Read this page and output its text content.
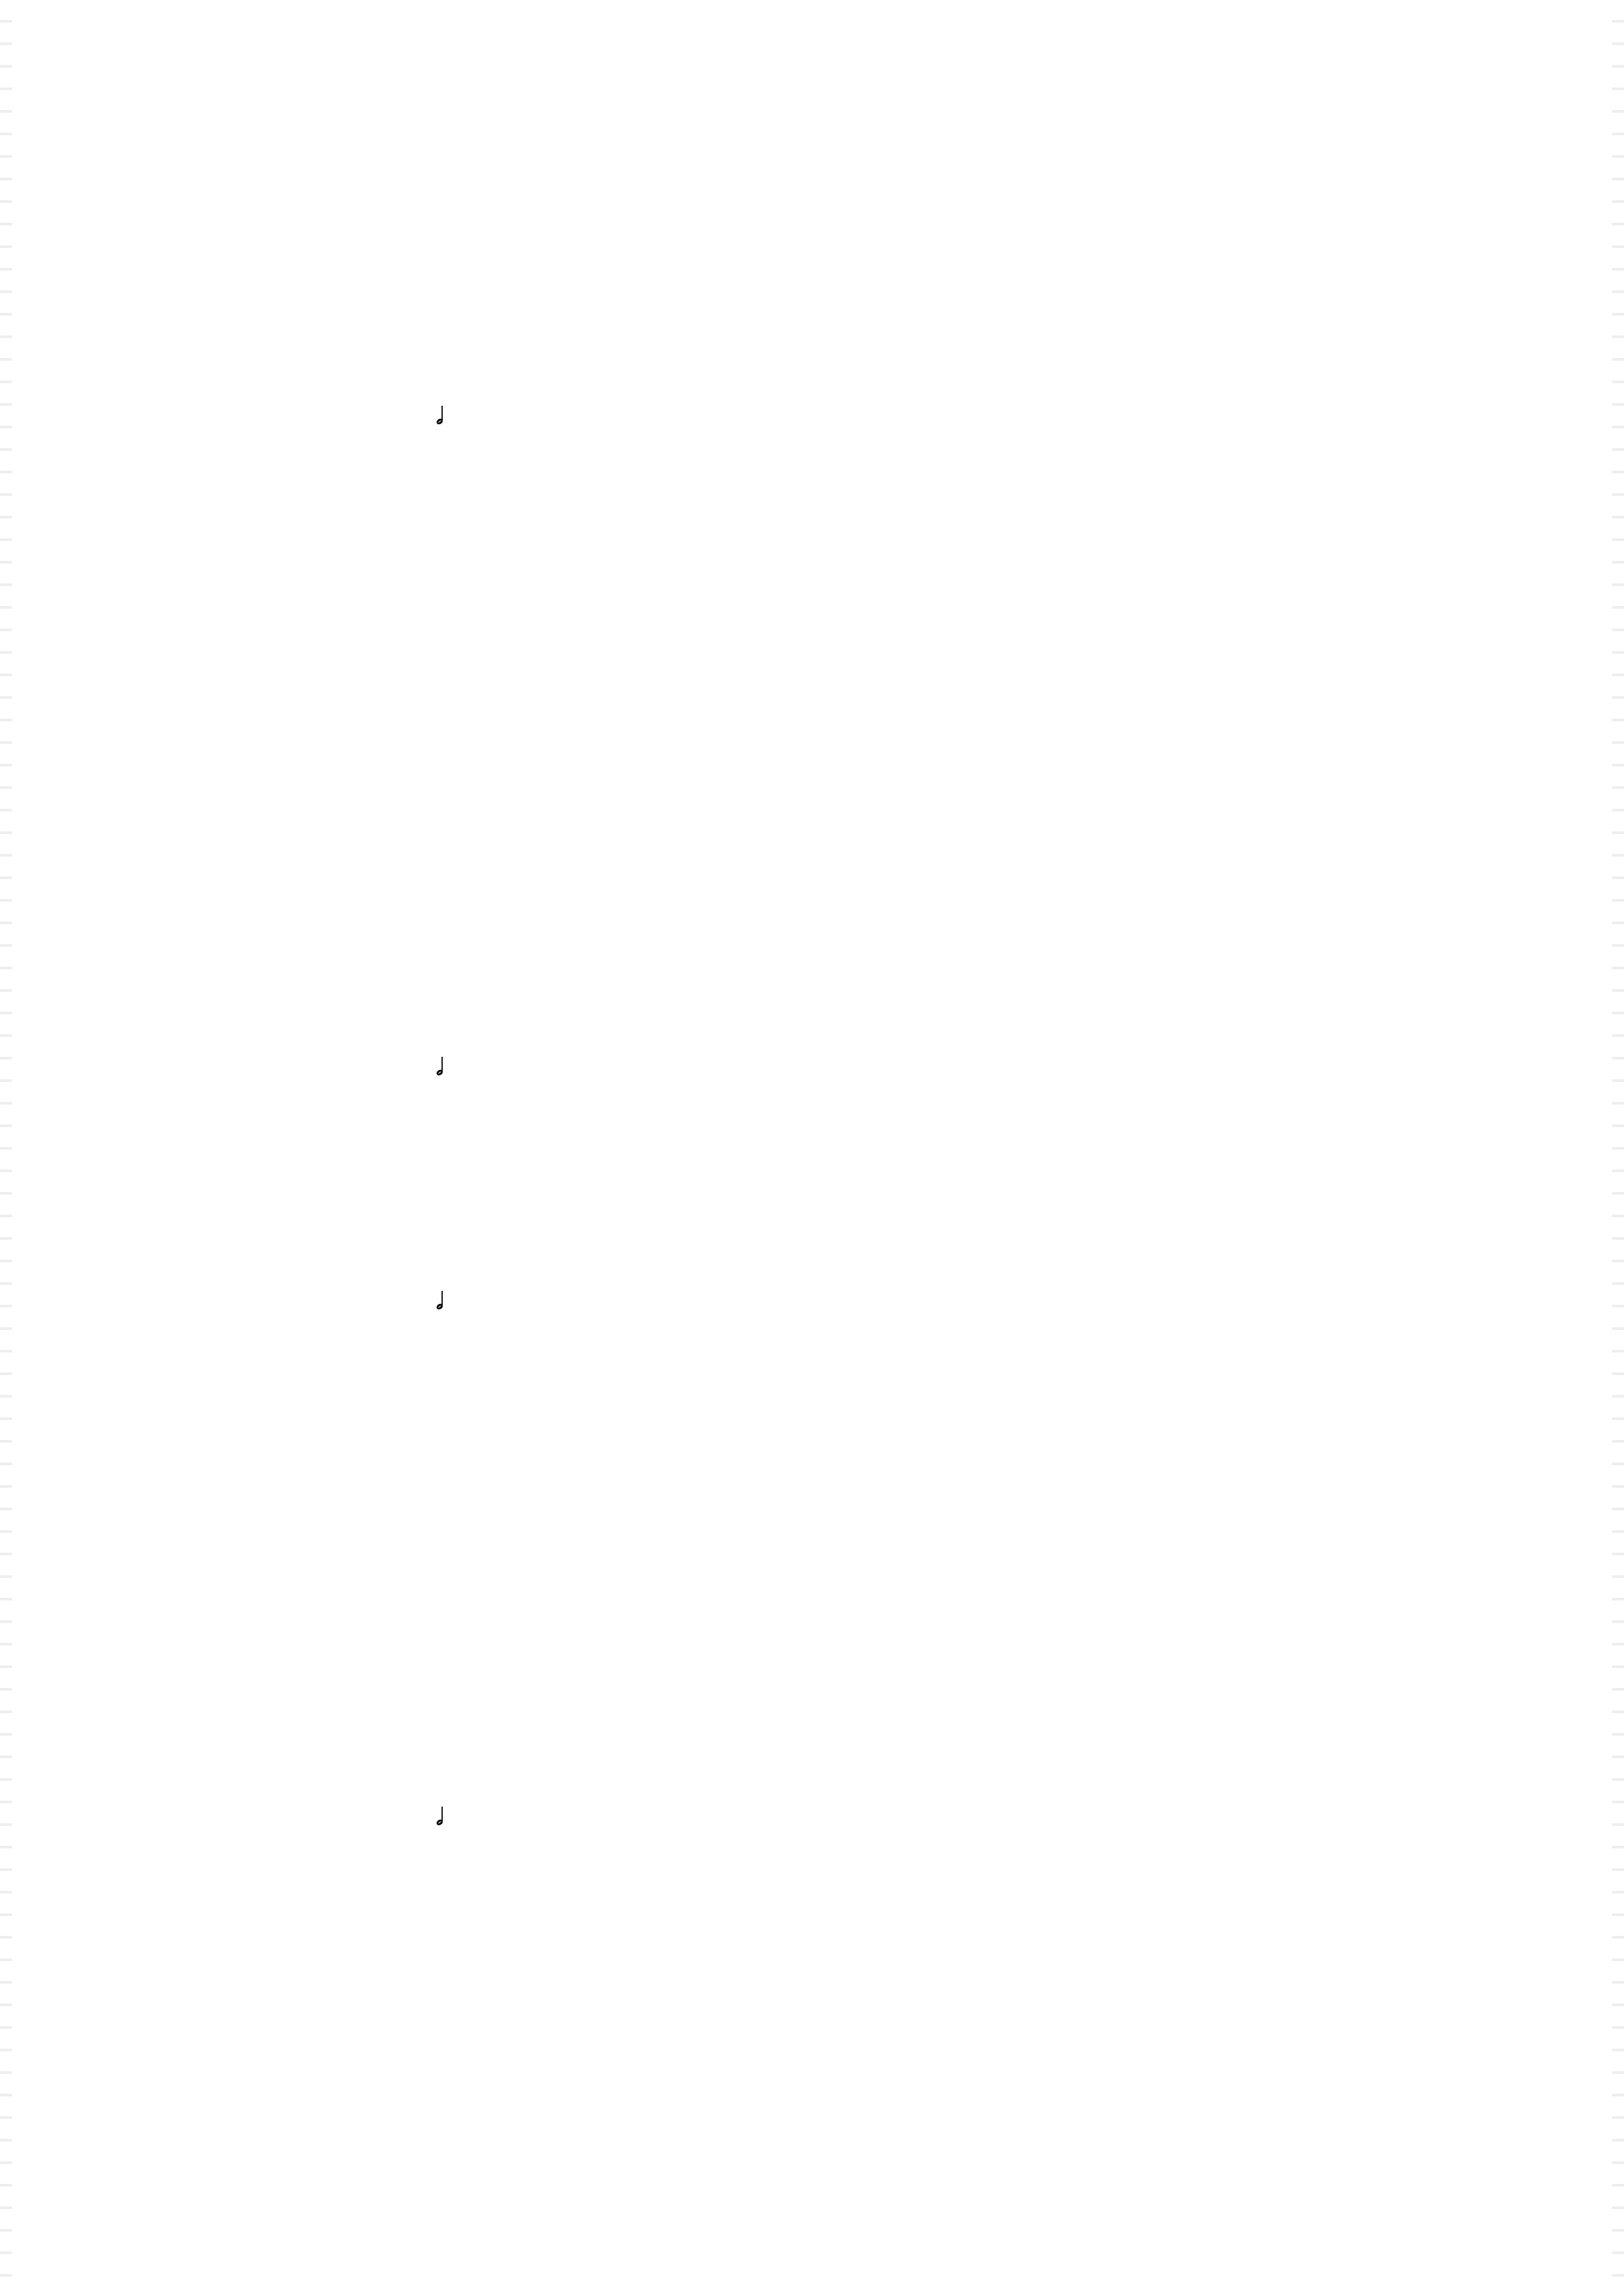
𝅗𝅥
𝅗𝅥
𝅗𝅥
𝅗𝅥
